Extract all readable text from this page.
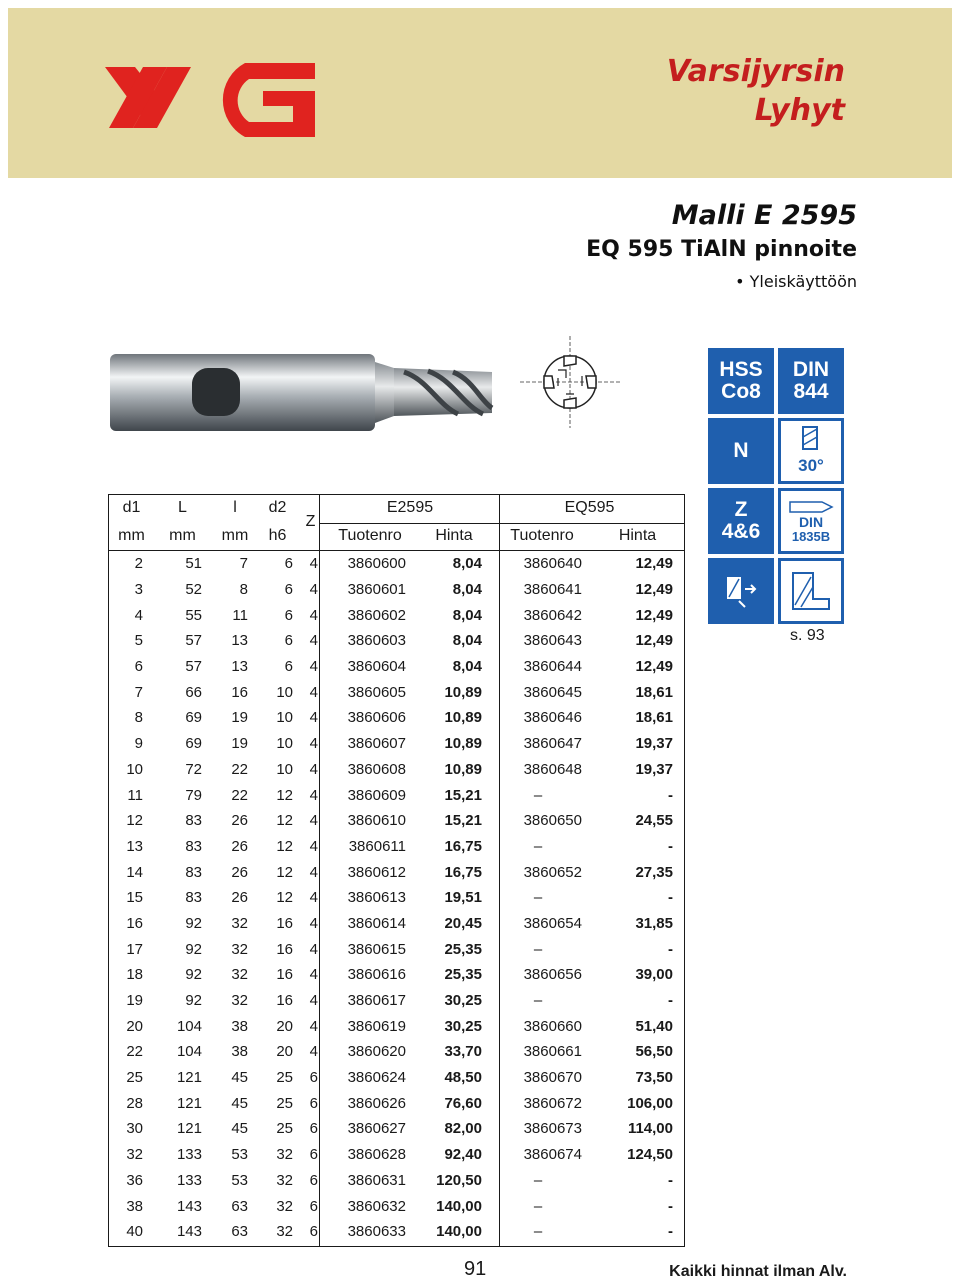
Varsijyrsin
Lyhyt
Malli E 2595
EQ 595 TiAlN pinnoite
• Yleiskäyttöön
HSS
Co8
DIN
844
N
30°
Z
4&6	DIN
1835B
s. 93
d1	L	l	d2	Z	E2595		EQ595	
mm	mm	mm	h6		Tuotenro	Hinta	Tuotenro	Hinta
2	51	7	6	4	3860600	8,04	3860640	12,49
3	52	8	6	4	3860601	8,04	3860641	12,49
4	55	11	6	4	3860602	8,04	3860642	12,49
5	57	13	6	4	3860603	8,04	3860643	12,49
6	57	13	6	4	3860604	8,04	3860644	12,49
7	66	16	10	4	3860605	10,89	3860645	18,61
8	69	19	10	4	3860606	10,89	3860646	18,61
9	69	19	10	4	3860607	10,89	3860647	19,37
10	72	22	10	4	3860608	10,89	3860648	19,37
11	79	22	12	4	3860609	15,21	–	-
12	83	26	12	4	3860610	15,21	3860650	24,55
13	83	26	12	4	3860611	16,75	–	-
14	83	26	12	4	3860612	16,75	3860652	27,35
15	83	26	12	4	3860613	19,51	–	-
16	92	32	16	4	3860614	20,45	3860654	31,85
17	92	32	16	4	3860615	25,35	–	-
18	92	32	16	4	3860616	25,35	3860656	39,00
19	92	32	16	4	3860617	30,25	–	-
20	104	38	20	4	3860619	30,25	3860660	51,40
22	104	38	20	4	3860620	33,70	3860661	56,50
25	121	45	25	6	3860624	48,50	3860670	73,50
28	121	45	25	6	3860626	76,60	3860672	106,00
30	121	45	25	6	3860627	82,00	3860673	114,00
32	133	53	32	6	3860628	92,40	3860674	124,50
36	133	53	32	6	3860631	120,50	–	-
38	143	63	32	6	3860632	140,00	–	-
40	143	63	32	6	3860633	140,00	–	-
91	Kaikki hinnat ilman Alv.
